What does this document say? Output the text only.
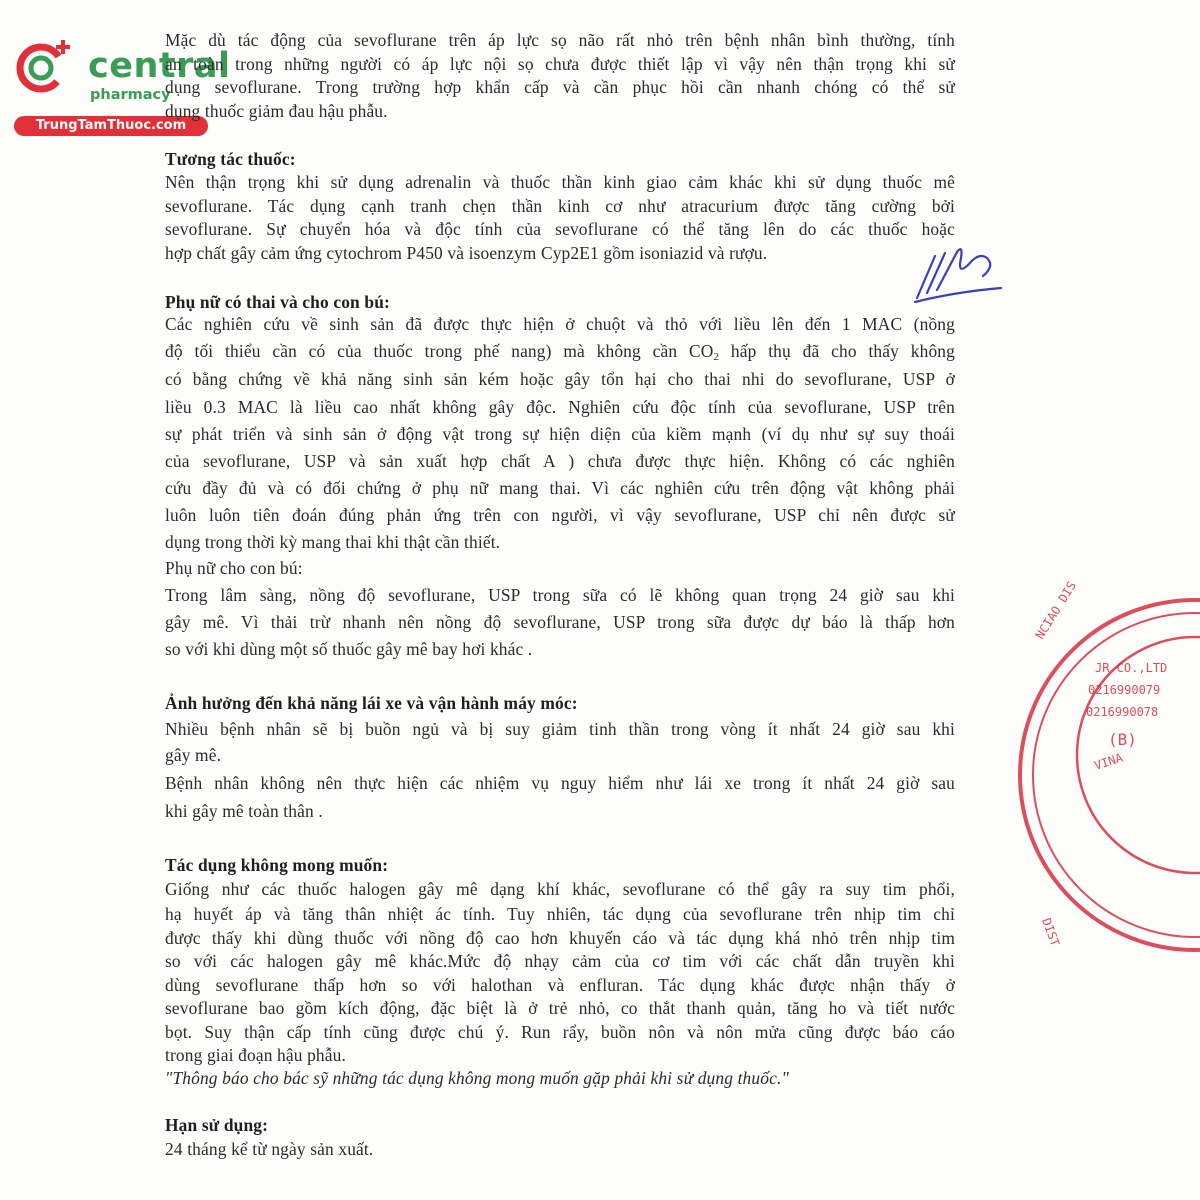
central
pharmacy
TrungTamThuoc.com
Mặc dù tác động của sevoflurane trên áp lực sọ não rất nhỏ trên bệnh nhân bình thường, tính
an toàn trong những người có áp lực nội sọ chưa được thiết lập vì vậy nên thận trọng khi sử
dụng sevoflurane. Trong trường hợp khẩn cấp và cần phục hồi cần nhanh chóng có thể sử
dụng thuốc giảm đau hậu phẫu.
Tương tác thuốc:
Nên thận trọng khi sử dụng adrenalin và thuốc thần kinh giao cảm khác khi sử dụng thuốc mê
sevoflurane. Tác dụng cạnh tranh chẹn thần kinh cơ như atracurium được tăng cường bởi
sevoflurane. Sự chuyển hóa và độc tính của sevoflurane có thể tăng lên do các thuốc hoặc
hợp chất gây cảm ứng cytochrom P450 và isoenzym Cyp2E1 gồm isoniazid và rượu.
Phụ nữ có thai và cho con bú:
Các nghiên cứu về sinh sản đã được thực hiện ở chuột và thỏ với liều lên đến 1 MAC (nồng
độ tối thiểu cần có của thuốc trong phế nang) mà không cần $CO_2$ hấp thụ đã cho thấy không
có bằng chứng về khả năng sinh sản kém hoặc gây tổn hại cho thai nhi do sevoflurane, USP ở
liều 0.3 MAC là liều cao nhất không gây độc. Nghiên cứu độc tính của sevoflurane, USP trên
sự phát triển và sinh sản ở động vật trong sự hiện diện của kiềm mạnh (ví dụ như sự suy thoái
của sevoflurane, USP và sản xuất hợp chất A ) chưa được thực hiện. Không có các nghiên
cứu đầy đủ và có đối chứng ở phụ nữ mang thai. Vì các nghiên cứu trên động vật không phải
luôn luôn tiên đoán đúng phản ứng trên con người, vì vậy sevoflurane, USP chỉ nên được sử
dụng trong thời kỳ mang thai khi thật cần thiết.
Phụ nữ cho con bú:
Trong lâm sàng, nồng độ sevoflurane, USP trong sữa có lẽ không quan trọng 24 giờ sau khi
gây mê. Vì thải trừ nhanh nên nồng độ sevoflurane, USP trong sữa được dự báo là thấp hơn
so với khi dùng một số thuốc gây mê bay hơi khác .
Ảnh hưởng đến khả năng lái xe và vận hành máy móc:
Nhiều bệnh nhân sẽ bị buồn ngủ và bị suy giảm tinh thần trong vòng ít nhất 24 giờ sau khi
gây mê.
Bệnh nhân không nên thực hiện các nhiệm vụ nguy hiểm như lái xe trong ít nhất 24 giờ sau
khi gây mê toàn thân .
Tác dụng không mong muốn:
Giống như các thuốc halogen gây mê dạng khí khác, sevoflurane có thể gây ra suy tim phổi,
hạ huyết áp và tăng thân nhiệt ác tính. Tuy nhiên, tác dụng của sevoflurane trên nhịp tim chỉ
được thấy khi dùng thuốc với nồng độ cao hơn khuyến cáo và tác dụng khá nhỏ trên nhịp tim
so với các halogen gây mê khác.Mức độ nhạy cảm của cơ tim với các chất dẫn truyền khi
dùng sevoflurane thấp hơn so với halothan và enfluran. Tác dụng khác được nhận thấy ở
sevoflurane bao gồm kích động, đặc biệt là ở trẻ nhỏ, co thắt thanh quản, tăng ho và tiết nước
bọt. Suy thận cấp tính cũng được chú ý. Run rẩy, buồn nôn và nôn mửa cũng được báo cáo
trong giai đoạn hậu phẫu.
"Thông báo cho bác sỹ những tác dụng không mong muốn gặp phải khi sử dụng thuốc."
Hạn sử dụng:
24 tháng kể từ ngày sản xuất.
NCIAO DIS
JR CO.,LTD
0216990079
0216990078
(B)
VINA
DIST
